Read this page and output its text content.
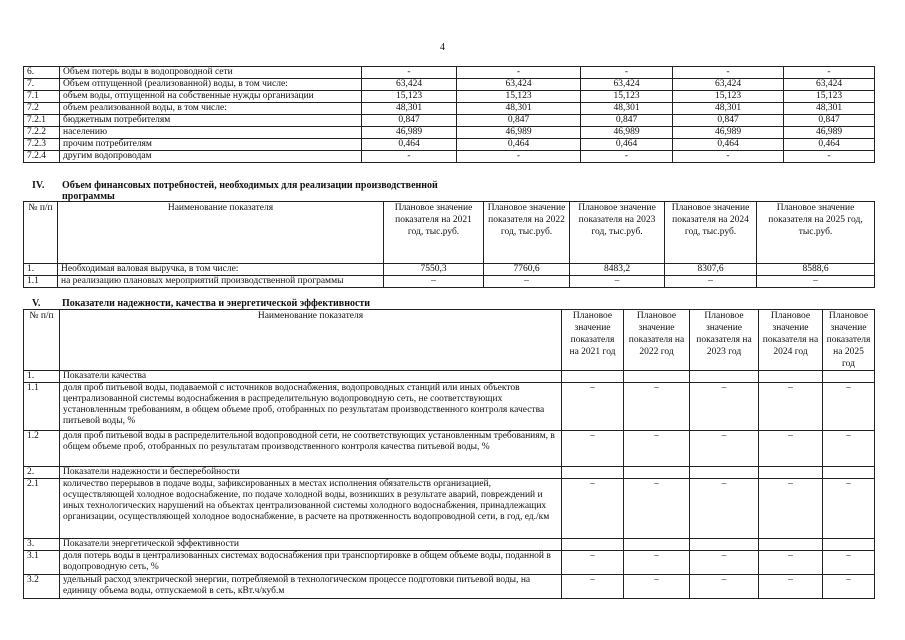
4
6.	Объем потерь воды в водопроводной сети	-	-	-	-	-
7.	Объем отпущенной (реализованной) воды, в том числе:	63,424	63,424	63,424	63,424	63,424
7.1	объем воды, отпущенной на собственные нужды организации	15,123	15,123	15,123	15,123	15,123
7.2	объем реализованной воды, в том числе:	48,301	48,301	48,301	48,301	48,301
7.2.1	бюджетным потребителям	0,847	0,847	0,847	0,847	0,847
7.2.2	населению	46,989	46,989	46,989	46,989	46,989
7.2.3	прочим потребителям	0,464	0,464	0,464	0,464	0,464
7.2.4	другим водопроводам	-	-	-	-	-
IV. Объем финансовых потребностей, необходимых для реализации производственной
программы
№ п/п	Наименование показателя	Плановое значение показателя на 2021 год, тыс.руб.	Плановое значение показателя на 2022 год, тыс.руб.	Плановое значение показателя на 2023 год, тыс.руб.	Плановое значение показателя на 2024 год, тыс.руб.	Плановое значение показателя на 2025 год, тыс.руб.
1.	Необходимая валовая выручка, в том числе:	7550,3	7760,6	8483,2	8307,6	8588,6
1.1	на реализацию плановых мероприятий производственной программы	–	–	–	–	–
V. Показатели надежности, качества и энергетической эффективности
№ п/п	Наименование показателя	Плановое значение показателя на 2021 год	Плановое значение показателя на 2022 год	Плановое значение показателя на 2023 год	Плановое значение показателя на 2024 год	Плановое значение показателя на 2025 год
1.	Показатели качества					
1.1	доля проб питьевой воды, подаваемой с источников водоснабжения, водопроводных станций или иных объектов централизованной системы водоснабжения в распределительную водопроводную сеть, не соответствующих установленным требованиям, в общем объеме проб, отобранных по результатам производственного контроля качества питьевой воды, %	–	–	–	–	–
1.2	доля проб питьевой воды в распределительной водопроводной сети, не соответствующих установленным требованиям, в общем объеме проб, отобранных по результатам производственного контроля качества питьевой воды, %	–	–	–	–	–
2.	Показатели надежности и бесперебойности					
2.1	количество перерывов в подаче воды, зафиксированных в местах исполнения обязательств организацией, осуществляющей холодное водоснабжение, по подаче холодной воды, возникших в результате аварий, повреждений и иных технологических нарушений на объектах централизованной системы холодного водоснабжения, принадлежащих организации, осуществляющей холодное водоснабжение, в расчете на протяженность водопроводной сети, в год, ед./км	–	–	–	–	–
3.	Показатели энергетической эффективности					
3.1	доля потерь воды в централизованных системах водоснабжения при транспортировке в общем объеме воды, поданной в водопроводную сеть, %	–	–	–	–	–
3.2	удельный расход электрической энергии, потребляемой в технологическом процессе подготовки питьевой воды, на единицу объема воды, отпускаемой в сеть, кВт.ч/куб.м	–	–	–	–	–
